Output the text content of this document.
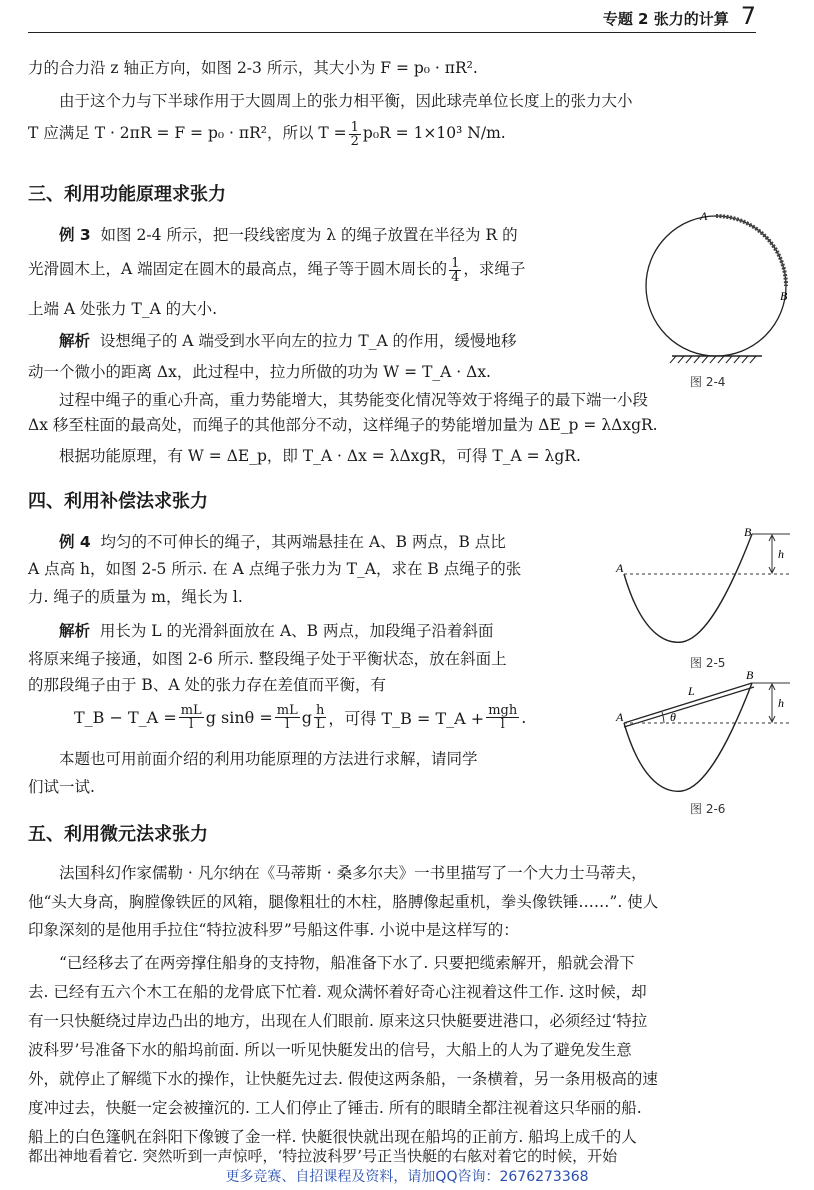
专题 2 张力的计算 7
力的合力沿 z 轴正方向，如图 2-3 所示，其大小为 F = p₀ · πR².
由于这个力与下半球作用于大圆周上的张力相平衡，因此球壳单位长度上的张力大小
T 应满足 T · 2πR = F = p₀ · πR²，所以 $T = \frac{1}{2} p_0R = 1\times 10^3$ N/m.
三、利用功能原理求张力
例 3 如图 2-4 所示，把一段线密度为 λ 的绳子放置在半径为 R 的
光滑圆木上，A 端固定在圆木的最高点，绳子等于圆木周长的 $\frac{1}{4}$ ，求绳子
上端 A 处张力 T_A 的大小.
解析 设想绳子的 A 端受到水平向左的拉力 T_A 的作用，缓慢地移
动一个微小的距离 Δx，此过程中，拉力所做的功为 W = T_A · Δx.
过程中绳子的重心升高，重力势能增大，其势能变化情况等效于将绳子的最下端一小段
Δx 移至柱面的最高处，而绳子的其他部分不动，这样绳子的势能增加量为 ΔE_p = λΔxgR.
根据功能原理，有 W = ΔE_p，即 T_A · Δx = λΔxgR，可得 T_A = λgR.
A
B
图 2-4
四、利用补偿法求张力
例 4 均匀的不可伸长的绳子，其两端悬挂在 A、B 两点，B 点比
A 点高 h，如图 2-5 所示. 在 A 点绳子张力为 T_A，求在 B 点绳子的张
力. 绳子的质量为 m，绳长为 l.
解析 用长为 L 的光滑斜面放在 A、B 两点，加段绳子沿着斜面
将原来绳子接通，如图 2-6 所示. 整段绳子处于平衡状态，放在斜面上
的那段绳子由于 B、A 处的张力存在差值而平衡，有
T_B − T_A = $\frac{mL}{l}$ g $\sin\theta = \frac{mL}{l}$ g $\frac{h}{L}$ ，可得 T_B = T_A + $\frac{\text{mgh}}{l}$ .
本题也可用前面介绍的利用功能原理的方法进行求解，请同学
们试一试.
A
B
h
图 2-5
A
B
h
L
θ
图 2-6
五、利用微元法求张力
法国科幻作家儒勒 · 凡尔纳在《马蒂斯 · 桑多尔夫》一书里描写了一个大力士马蒂夫，
他“头大身高，胸膛像铁匠的风箱，腿像粗壮的木柱，胳膊像起重机，拳头像铁锤……”. 使人
印象深刻的是他用手拉住“特拉波科罗”号船这件事. 小说中是这样写的：
“已经移去了在两旁撑住船身的支持物，船准备下水了. 只要把缆索解开，船就会滑下
去. 已经有五六个木工在船的龙骨底下忙着. 观众满怀着好奇心注视着这件工作. 这时候，却
有一只快艇绕过岸边凸出的地方，出现在人们眼前. 原来这只快艇要进港口，必须经过‘特拉
波科罗’号准备下水的船坞前面. 所以一听见快艇发出的信号，大船上的人为了避免发生意
外，就停止了解缆下水的操作，让快艇先过去. 假使这两条船，一条横着，另一条用极高的速
度冲过去，快艇一定会被撞沉的. 工人们停止了锤击. 所有的眼睛全都注视着这只华丽的船.
船上的白色篷帆在斜阳下像镀了金一样. 快艇很快就出现在船坞的正前方. 船坞上成千的人
都出神地看着它. 突然听到一声惊呼，‘特拉波科罗’号正当快艇的右舷对着它的时候，开始
更多竞赛、自招课程及资料，请加QQ咨询：2676273368
